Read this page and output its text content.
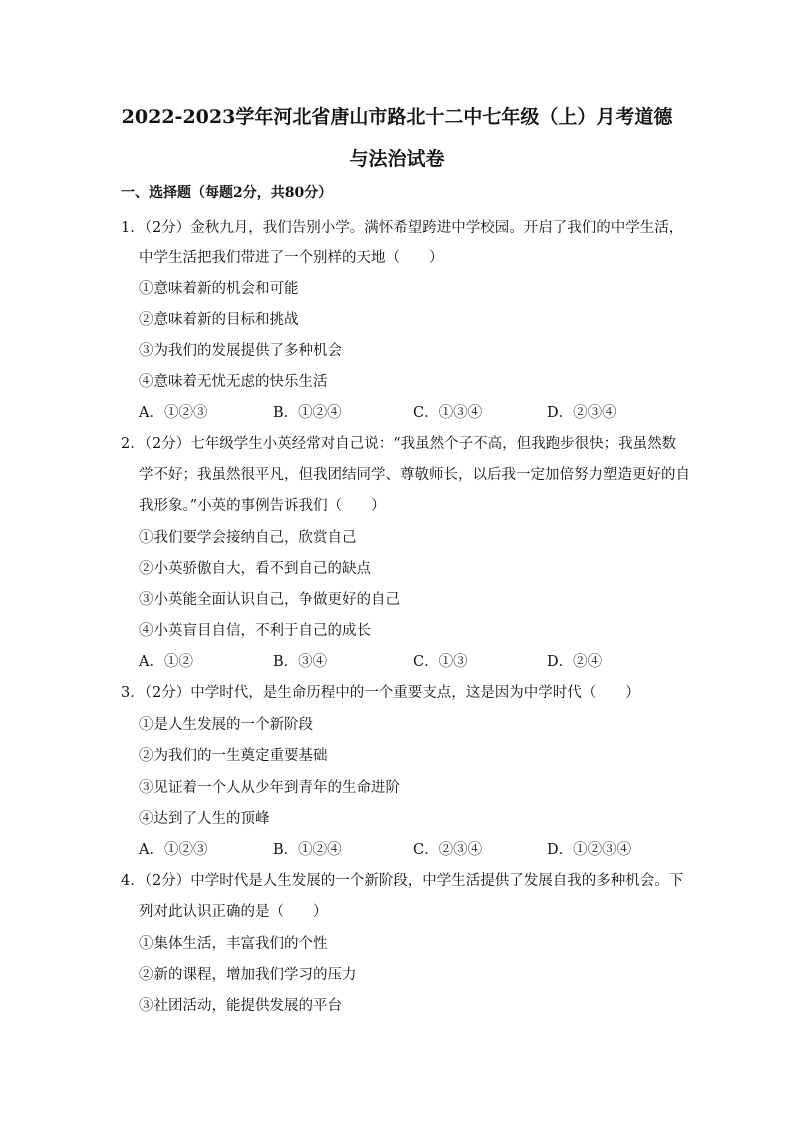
2022-2023学年河北省唐山市路北十二中七年级（上）月考道德
与法治试卷
一、选择题（每题2分，共80分）
1．（2分）金秋九月，我们告别小学。满怀希望跨进中学校园。开启了我们的中学生活，
中学生活把我们带进了一个别样的天地（　　）
①意味着新的机会和可能
②意味着新的目标和挑战
③为我们的发展提供了多种机会
④意味着无忧无虑的快乐生活
A．①②③	B．①②④	C．①③④	D．②③④
2．（2分）七年级学生小英经常对自己说：“我虽然个子不高，但我跑步很快；我虽然数
学不好；我虽然很平凡，但我团结同学、尊敬师长，以后我一定加倍努力塑造更好的自
我形象。”小英的事例告诉我们（　　）
①我们要学会接纳自己，欣赏自己
②小英骄傲自大，看不到自己的缺点
③小英能全面认识自己，争做更好的自己
④小英盲目自信，不利于自己的成长
A．①②	B．③④	C．①③	D．②④
3．（2分）中学时代，是生命历程中的一个重要支点，这是因为中学时代（　　）
①是人生发展的一个新阶段
②为我们的一生奠定重要基础
③见证着一个人从少年到青年的生命进阶
④达到了人生的顶峰
A．①②③	B．①②④	C．②③④	D．①②③④
4．（2分）中学时代是人生发展的一个新阶段，中学生活提供了发展自我的多种机会。下
列对此认识正确的是（　　）
①集体生活，丰富我们的个性
②新的课程，增加我们学习的压力
③社团活动，能提供发展的平台
